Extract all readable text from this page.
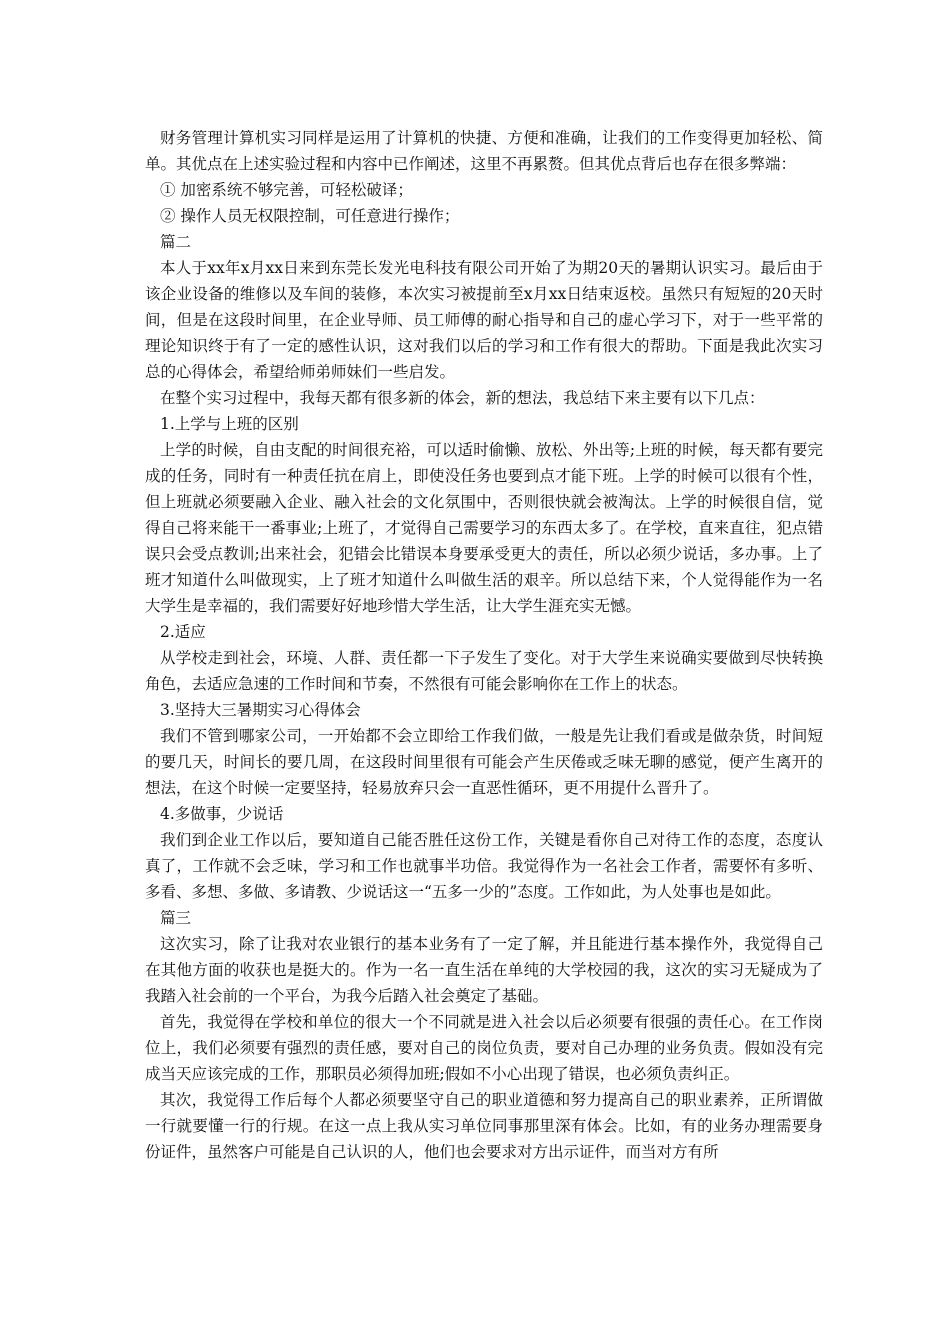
财务管理计算机实习同样是运用了计算机的快捷、方便和准确，让我们的工作变得更加轻松、简单。其优点在上述实验过程和内容中已作阐述，这里不再累赘。但其优点背后也存在很多弊端：

① 加密系统不够完善，可轻松破译；

② 操作人员无权限控制，可任意进行操作；

篇二

本人于xx年x月xx日来到东莞长发光电科技有限公司开始了为期20天的暑期认识实习。最后由于该企业设备的维修以及车间的装修，本次实习被提前至x月xx日结束返校。虽然只有短短的20天时间，但是在这段时间里，在企业导师、员工师傅的耐心指导和自己的虚心学习下，对于一些平常的理论知识终于有了一定的感性认识，这对我们以后的学习和工作有很大的帮助。下面是我此次实习总的心得体会，希望给师弟师妹们一些启发。

在整个实习过程中，我每天都有很多新的体会，新的想法，我总结下来主要有以下几点：

1.上学与上班的区别

上学的时候，自由支配的时间很充裕，可以适时偷懒、放松、外出等;上班的时候，每天都有要完成的任务，同时有一种责任抗在肩上，即使没任务也要到点才能下班。上学的时候可以很有个性，但上班就必须要融入企业、融入社会的文化氛围中，否则很快就会被淘汰。上学的时候很自信，觉得自己将来能干一番事业;上班了，才觉得自己需要学习的东西太多了。在学校，直来直往，犯点错误只会受点教训;出来社会，犯错会比错误本身要承受更大的责任，所以必须少说话，多办事。上了班才知道什么叫做现实，上了班才知道什么叫做生活的艰辛。所以总结下来，个人觉得能作为一名大学生是幸福的，我们需要好好地珍惜大学生活，让大学生涯充实无憾。

2.适应

从学校走到社会，环境、人群、责任都一下子发生了变化。对于大学生来说确实要做到尽快转换角色，去适应急速的工作时间和节奏，不然很有可能会影响你在工作上的状态。

3.坚持大三暑期实习心得体会

我们不管到哪家公司，一开始都不会立即给工作我们做，一般是先让我们看或是做杂货，时间短的要几天，时间长的要几周，在这段时间里很有可能会产生厌倦或乏味无聊的感觉，便产生离开的想法，在这个时候一定要坚持，轻易放弃只会一直恶性循环，更不用提什么晋升了。

4.多做事，少说话

我们到企业工作以后，要知道自己能否胜任这份工作，关键是看你自己对待工作的态度，态度认真了，工作就不会乏味，学习和工作也就事半功倍。我觉得作为一名社会工作者，需要怀有多听、多看、多想、多做、多请教、少说话这一“五多一少的”态度。工作如此，为人处事也是如此。

篇三

这次实习，除了让我对农业银行的基本业务有了一定了解，并且能进行基本操作外，我觉得自己在其他方面的收获也是挺大的。作为一名一直生活在单纯的大学校园的我，这次的实习无疑成为了我踏入社会前的一个平台，为我今后踏入社会奠定了基础。

首先，我觉得在学校和单位的很大一个不同就是进入社会以后必须要有很强的责任心。在工作岗位上，我们必须要有强烈的责任感，要对自己的岗位负责，要对自己办理的业务负责。假如没有完成当天应该完成的工作，那职员必须得加班;假如不小心出现了错误，也必须负责纠正。

其次，我觉得工作后每个人都必须要坚守自己的职业道德和努力提高自己的职业素养，正所谓做一行就要懂一行的行规。在这一点上我从实习单位同事那里深有体会。比如，有的业务办理需要身份证件，虽然客户可能是自己认识的人，他们也会要求对方出示证件，而当对方有所
